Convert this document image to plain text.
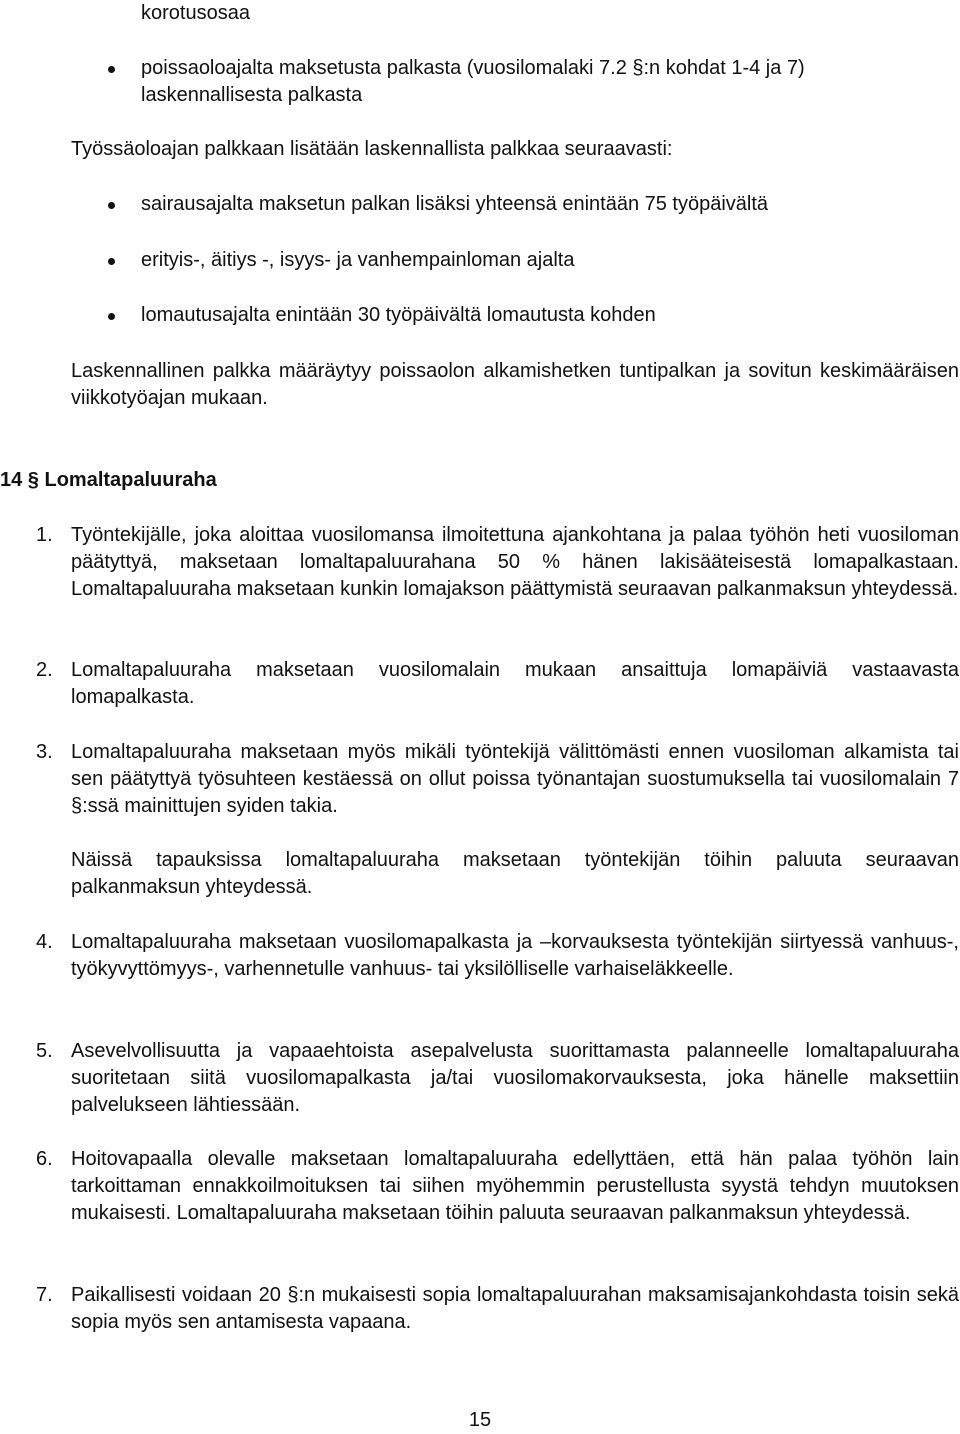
korotusosaa
poissaoloajalta maksetusta palkasta (vuosilomalaki 7.2 §:n kohdat 1-4 ja 7) laskennallisesta palkasta
Työssäoloajan palkkaan lisätään laskennallista palkkaa seuraavasti:
sairausajalta maksetun palkan lisäksi yhteensä enintään 75 työpäivältä
erityis-, äitiys -, isyys- ja vanhempainloman ajalta
lomautusajalta enintään 30 työpäivältä lomautusta kohden
Laskennallinen palkka määräytyy poissaolon alkamishetken tuntipalkan ja sovitun keskimääräisen viikkotyöajan mukaan.
14 § Lomaltapaluuraha
1. Työntekijälle, joka aloittaa vuosilomansa ilmoitettuna ajankohtana ja palaa työhön heti vuosiloman päätyttyä, maksetaan lomaltapaluurahana 50 % hänen lakisääteisestä lomapalkastaan. Lomaltapaluuraha maksetaan kunkin lomajakson päättymistä seuraavan palkanmaksun yhteydessä.
2. Lomaltapaluuraha maksetaan vuosilomalain mukaan ansaittuja lomapäiviä vastaavasta lomapalkasta.
3. Lomaltapaluuraha maksetaan myös mikäli työntekijä välittömästi ennen vuosiloman alkamista tai sen päätyttyä työsuhteen kestäessä on ollut poissa työnantajan suostumuksella tai vuosilomalain 7 §:ssä mainittujen syiden takia.
Näissä tapauksissa lomaltapaluuraha maksetaan työntekijän töihin paluuta seuraavan palkanmaksun yhteydessä.
4. Lomaltapaluuraha maksetaan vuosilomapalkasta ja –korvauksesta työntekijän siirtyessä vanhuus-, työkyvyttömyys-, varhennetulle vanhuus- tai yksilölliselle varhaiseläkkeelle.
5. Asevelvollisuutta ja vapaaehtoista asepalvelusta suorittamasta palanneelle lomaltapaluuraha suoritetaan siitä vuosilomapalkasta ja/tai vuosilomakorvauksesta, joka hänelle maksettiin palvelukseen lähtiessään.
6. Hoitovapaalla olevalle maksetaan lomaltapaluuraha edellyttäen, että hän palaa työhön lain tarkoittaman ennakkoilmoituksen tai siihen myöhemmin perustellusta syystä tehdyn muutoksen mukaisesti. Lomaltapaluuraha maksetaan töihin paluuta seuraavan palkanmaksun yhteydessä.
7. Paikallisesti voidaan 20 §:n mukaisesti sopia lomaltapaluurahan maksamisajankohdasta toisin sekä sopia myös sen antamisesta vapaana.
15
